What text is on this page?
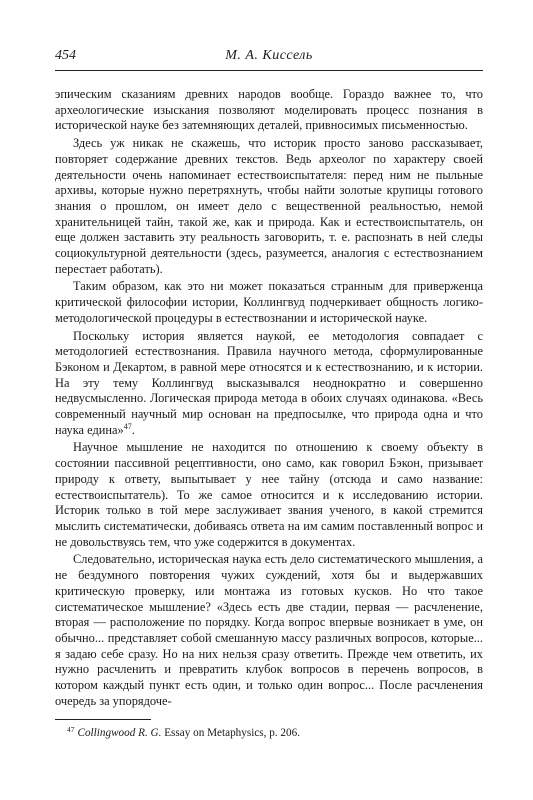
454	М. А. Киссель

эпическим сказаниям древних народов вообще. Гораздо важнее то, что археологические изыскания позволяют моделировать процесс познания в исторической науке без затемняющих деталей, привносимых письменностью.

Здесь уж никак не скажешь, что историк просто заново рассказывает, повторяет содержание древних текстов. Ведь археолог по характеру своей деятельности очень напоминает естествоиспытателя: перед ним не пыльные архивы, которые нужно перетряхнуть, чтобы найти золотые крупицы готового знания о прошлом, он имеет дело с вещественной реальностью, немой хранительницей тайн, такой же, как и природа. Как и естествоиспытатель, он еще должен заставить эту реальность заговорить, т. е. распознать в ней следы социокультурной деятельности (здесь, разумеется, аналогия с естествознанием перестает работать).

Таким образом, как это ни может показаться странным для приверженца критической философии истории, Коллингвуд подчеркивает общность логико-методологической процедуры в естествознании и исторической науке.

Поскольку история является наукой, ее методология совпадает с методологией естествознания. Правила научного метода, сформулированные Бэконом и Декартом, в равной мере относятся и к естествознанию, и к истории. На эту тему Коллингвуд высказывался неоднократно и совершенно недвусмысленно. Логическая природа метода в обоих случаях одинакова. «Весь современный научный мир основан на предпосылке, что природа одна и что наука едина»$^{47}$.

Научное мышление не находится по отношению к своему объекту в состоянии пассивной рецептивности, оно само, как говорил Бэкон, призывает природу к ответу, выпытывает у нее тайну (отсюда и само название: естествоиспытатель). То же самое относится и к исследованию истории. Историк только в той мере заслуживает звания ученого, в какой стремится мыслить систематически, добиваясь ответа на им самим поставленный вопрос и не довольствуясь тем, что уже содержится в документах.

Следовательно, историческая наука есть дело систематического мышления, а не бездумного повторения чужих суждений, хотя бы и выдержавших критическую проверку, или монтажа из готовых кусков. Но что такое систематическое мышление? «Здесь есть две стадии, первая — расчленение, вторая — расположение по порядку. Когда вопрос впервые возникает в уме, он обычно... представляет собой смешанную массу различных вопросов, которые... я задаю себе сразу. Но на них нельзя сразу ответить. Прежде чем ответить, их нужно расчленить и превратить клубок вопросов в перечень вопросов, в котором каждый пункт есть один, и только один вопрос... После расчленения очередь за упорядоче-

$^{47}$ Collingwood R. G. Essay on Metaphysics, p. 206.
